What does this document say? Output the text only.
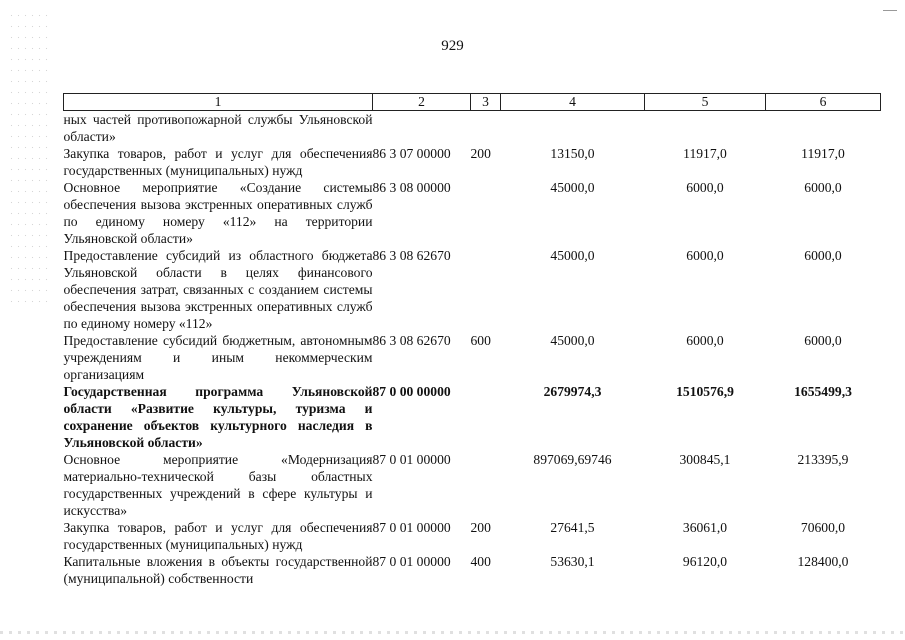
929
1	2	3	4	5	6
ных частей противопожарной службы Ульяновской области»					
Закупка товаров, работ и услуг для обеспечения государственных (муниципальных) нужд	86 3 07 00000	200	13150,0	11917,0	11917,0
Основное мероприятие «Создание системы обеспечения вызова экстренных оперативных служб по единому номеру «112» на территории Ульяновской области»	86 3 08 00000		45000,0	6000,0	6000,0
Предоставление субсидий из областного бюджета Ульяновской области в целях финансового обеспечения затрат, связанных с созданием системы обеспечения вызова экстренных оперативных служб по единому номеру «112»	86 3 08 62670		45000,0	6000,0	6000,0
Предоставление субсидий бюджетным, автономным учреждениям и иным некоммерческим организациям	86 3 08 62670	600	45000,0	6000,0	6000,0
Государственная программа Ульяновской области «Развитие культуры, туризма и сохранение объектов культурного наследия в Ульяновской области»	87 0 00 00000		2679974,3	1510576,9	1655499,3
Основное мероприятие «Модернизация материально-технической базы областных государственных учреждений в сфере культуры и искусства»	87 0 01 00000		897069,69746	300845,1	213395,9
Закупка товаров, работ и услуг для обеспечения государственных (муниципальных) нужд	87 0 01 00000	200	27641,5	36061,0	70600,0
Капитальные вложения в объекты государственной (муниципальной) собственности	87 0 01 00000	400	53630,1	96120,0	128400,0
